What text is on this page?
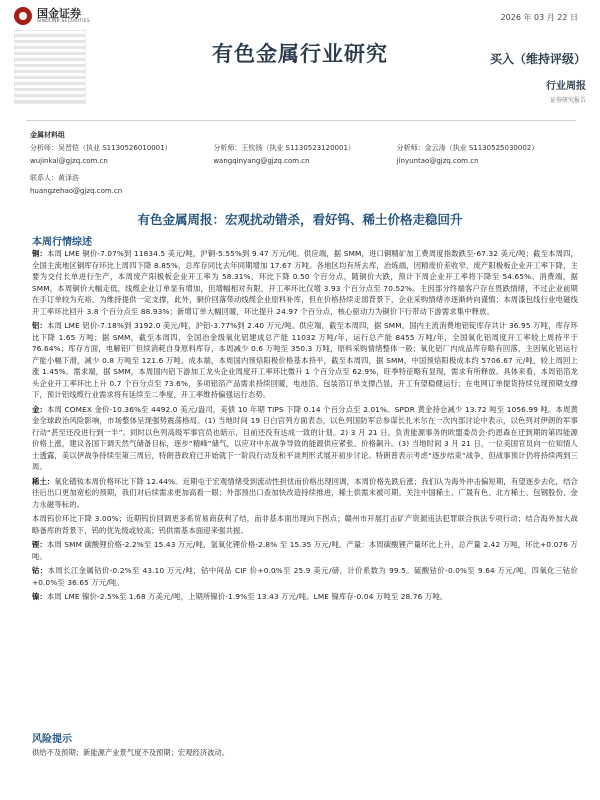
国金证券
SINOLINK SECURITIES	2026 年 03 月 22 日
有色金属行业研究	买入（维持评级）
行业周报
证券研究报告
金属材料组
分析师：吴晋恺（执业 S1130526010001）
wujinkai@gjzq.com.cn
分析师：王钦扬（执业 S1130523120001）
wangqinyang@gjzq.com.cn
分析师：金云涛（执业 S1130525030002）
jinyuntao@gjzq.com.cn
联系人：黄泽浩
huangzehao@gjzq.com.cn
有色金属周报：宏观扰动错杀，看好钨、稀土价格走稳回升
本周行情综述

铜：本周 LME 铜价-7.07%到 11834.5 美元/吨，沪铜-5.55%到 9.47 万元/吨。供应端，据 SMM，进口铜精矿加工费周度指数跌至-67.32 美元/吨；截至本周四，全国主流地区铜库存环比上周四下降 8.85%，总库存同比去年同期增加 17.67 万吨。各地区均有所去库，冶炼端，因精废价差收窄，废产阳极板企业开工率下降，主要为交付长单进行生产，本周废产阳极板企业开工率为 58.31%，环比下降 0.50 个百分点，随铜价大跌，预计下周企业开工率将下降至 54.65%。消费端，据 SMM，本周铜价大幅走低，线缆企业订单显有增加，但增幅相对有限，开工率环比仅增 3.93 个百分点至 70.52%。主因部分终端客户存在畏跌情绪，不过企业前期在手订单较为充裕，为维持提供一定支撑，此外，铜价回落带动线缆企业原料补库，但在价格持续走弱背景下，企业采购情绪亦逐渐转向谨慎；本周漆包线行业电磁线开工率环比回升 3.8 个百分点至 88.93%；新增订单大幅回暖，环比提升 24.97 个百分点，核心驱动力为铜价下行带动下游需求集中释放。

铝：本周 LME 铝价-7.18%到 3192.0 美元/吨，沪铝-3.77%到 2.40 万元/吨。供应端，截至本周四，据 SMM，国内主流消费地铝锭库存共计 36.95 万吨，库存环比下降 1.65 万吨；据 SMM，截至本周四，全国冶金级氧化铝建成总产能 11032 万吨/年，运行总产能 8455 万吨/年，全国氧化铝周度开工率较上周持平于 76.64%；库存方面，电解铝厂但续消耗自身原料库存，本周减少 0.6 万吨至 350.3 万吨，原料采购情绪整体一般；氧化铝厂内成品库存略有回落，主因氧化铝运行产能小幅下滑，减少 0.8 万吨至 121.6 万吨。成本端，本周国内预焙阳极价格基本持平，截至本周四，据 SMM，中国预焙阳极成本约 5706.67 元/吨，较上周回上涨 1.45%。需求端，据 SMM，本周国内铝下游加工龙头企业周度开工率环比微升 1 个百分点至 62.9%，旺季特征略有显现，需求有所释放。具体来看，本周铝箔龙头企业开工率环比上升 0.7 个百分点至 73.6%，多项铝箔产品需求持续回暖，电池箔、包装箔订单支撑凸显，开工有望稳健运行；在电网订单提货持续兑现预期支撑下，预计铝线缆行业需求将有延续至二季度，开工率维持偏强运行态势。

金：本周 COMEX 金价-10.36%至 4492.0 美元/盎司，美债 10 年期 TIPS 下降 0.14 个百分点至 2.01%。SPDR 黄金持仓减少 13.72 吨至 1056.99 吨。本周黄金全球政治风险影响，市场整体呈现强势震荡格局。(1) 当地时间 19 日白宫列方面表态，以色列国防军总参谋长扎米尔在一次内部讨论中表示，以色列对伊朗的军事行动“甚至还没进行到一半”。同时以色列高级军事官员也暗示，目前还没有达成一致的计划。2) 3 月 21 日，负责能源事务的欧盟委员会·约恩森在迁到期的第四能源价格上涨，建议各国下调天然气储备目标，逐步“精峰”储气，以应对中东战争导致的能源供应紧张、价格飙升。(3) 当地时间 3 月 21 日，一位美国官员向一位知情人士透露，美以伊战争持续至第三周后，特朗普政府已开始就下一阶段行动及和平谈判形式展开初步讨论。特朗普表示考虑“逐步结束”战争，但战事预计仍将持续两到三周。

稀土：氧化镨钕本周价格环比下降 12.44%。近期屯于宏观情绪受到流动性担忧而价格出现回调，本周价格先跌后涨；我们认为海外冲击偏短期，有望逐步去化，结合往后出口更加宽松的预期，我们对后续需求更加高看一眼；外部预出口查加快改造持续推进，稀土供需未被可期。关注中国稀土、广晟有色、北方稀土、包钢股份、金力永磁等标的。

本周钨价环比下降 3.00%；近期钨价回调更多系贸易商获利了结，而非基本面出现向下拐点；赣州市开展打击矿产资源违法犯罪联合执法专项行动；结合海外加大战略备库的背景下，钨的优先级或较高；钨供需基本面迎来强共振。

锂：本周 SMM 碳酸锂价格-2.2%至 15.43 万元/吨，氢氧化锂价格-2.8% 至 15.35 万元/吨。产量：本周碳酸锂产量环比上升，总产量 2.42 万吨，环比+0.076 万吨。

钴：本周长江金属钴价-0.2%至 43.10 万元/吨，钴中间品 CIF 价+0.0%至 25.9 美元/磅，计价系数为 99.5。硫酸钴价-0.0%至 9.64 万元/吨，四氧化三钴价+0.0%至 36.65 万元/吨。

镍：本周 LME 镍价-2.5%至 1.68 万美元/吨，上期所镍价-1.9%至 13.43 万元/吨。LME 镍库存-0.04 万吨至 28.76 万吨。

风险提示
供给不及预期；新能源产业景气度不及预期；宏观经济波动。
